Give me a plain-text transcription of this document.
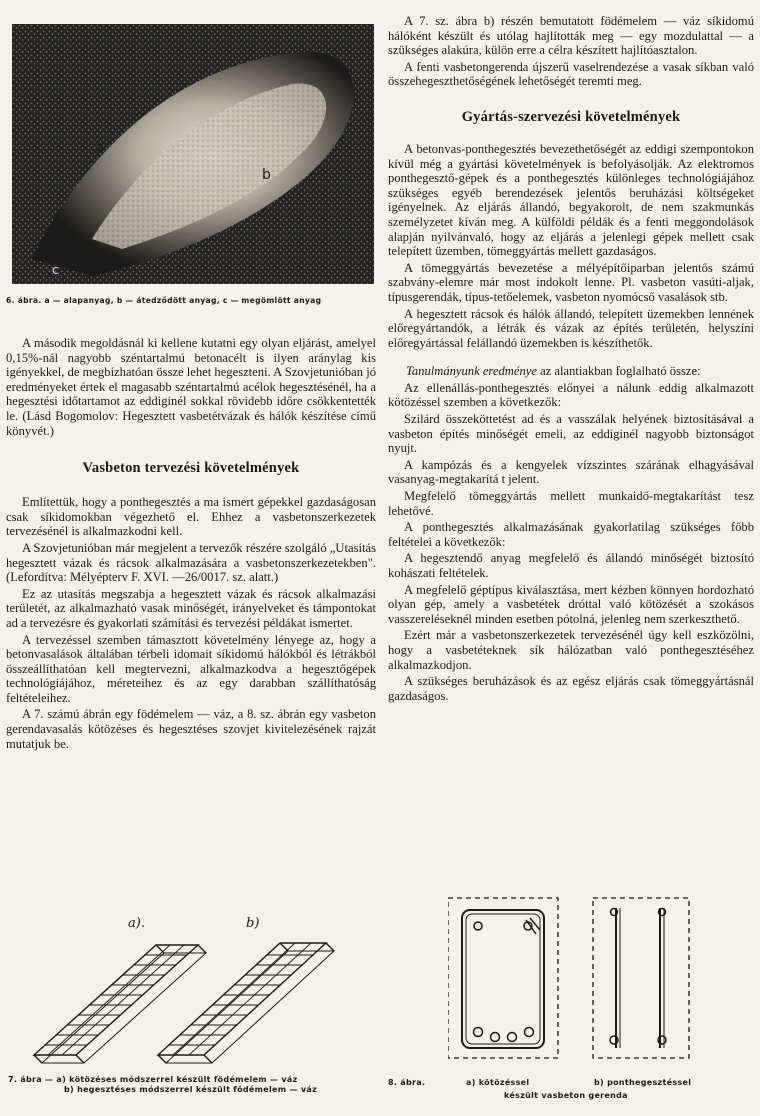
a
b
c
6. ábra. a — alapanyag, b — átedződött anyag, c — megömlött anyag

A második megoldásnál ki kellene kutatni egy olyan eljárást, amelyel 0,15%-nál nagyobb széntartalmú betonacélt is ilyen aránylag kis igényekkel, de megbízhatóan össze lehet hegeszteni. A Szovjetunióban jó eredményeket értek el magasabb széntartalmú acélok hegesztésénél, ha a hegesztési időtartamot az eddiginél sokkal rövidebb időre csökkentették le. (Lásd Bogomolov: Hegesztett vasbetétvázak és hálók készítése című könyvét.)

Vasbeton tervezési követelmények

Említettük, hogy a ponthegesztés a ma ismert gépekkel gazdaságosan csak síkidomokban végezhető el. Ehhez a vasbetonszerkezetek tervezésénél is alkalmazkodni kell.

A Szovjetunióban már megjelent a tervezők részére szolgáló „Utasítás hegesztett vázak és rácsok alkalmazására a vasbetonszerkezetekben". (Lefordítva: Mélyépterv F. XVI. —26/0017. sz. alatt.)

Ez az utasítás megszabja a hegesztett vázak és rácsok alkalmazási területét, az alkalmazható vasak minőségét, irányelveket és támpontokat ad a tervezésre és gyakorlati számítási és tervezési példákat ismertet.

A tervezéssel szemben támasztott követelmény lényege az, hogy a betonvasalások általában térbeli idomait síkidomú hálókból és létrákból összeállíthatóan kell megtervezni, alkalmazkodva a hegesztőgépek technológiájához, méreteihez és az egy darabban szállíthatóság feltételeihez.

A 7. számú ábrán egy födémelem — váz, a 8. sz. ábrán egy vasbeton gerendavasalás kötözéses és hegesztéses szovjet kivitelezésének rajzát mutatjuk be.

A 7. sz. ábra b) részén bemutatott födémelem — váz síkidomú hálóként készült és utólag hajlították meg — egy mozdulattal — a szükséges alakúra, külön erre a célra készített hajlítóasztalon.

A fenti vasbetongerenda újszerű vaselrendezése a vasak síkban való összehegeszthetőségének lehetőségét teremti meg.

Gyártás-szervezési követelmények

A betonvas-ponthegesztés bevezethetőségét az eddigi szempontokon kívül még a gyártási követelmények is befolyásolják. Az elektromos ponthegesztő-gépek és a ponthegesztés különleges technológiájához szükséges egyéb berendezések jelentős beruházási költségeket igényelnek. Az eljárás állandó, begyakorolt, de nem szakmunkás személyzetet kíván meg. A külföldi példák és a fenti meggondolások alapján nyilvánvaló, hogy az eljárás a jelenlegi gépek mellett csak telepített üzemben, tömeggyártás mellett gazdaságos.

A tömeggyártás bevezetése a mélyépítőiparban jelentős számú szabvány-elemre már most indokolt lenne. Pl. vasbeton vasúti-aljak, típusgerendák, típus-tetőelemek, vasbeton nyomócső vasalások stb.

A hegesztett rácsok és hálók állandó, telepített üzemekben lennének előregyártandók, a létrák és vázak az építés területén, helyszíni előregyártással felállandó üzemekben is készíthetők.

Tanulmányunk eredménye az alantiakban foglalható össze:

Az ellenállás-ponthegesztés előnyei a nálunk eddig alkalmazott kötözéssel szemben a következők:

Szilárd összeköttetést ad és a vasszálak helyének biztosításával a vasbeton építés minőségét emeli, az eddiginél nagyobb biztonságot nyujt.

A kampózás és a kengyelek vízszintes szárának elhagyásával vasanyag-megtakarítá t jelent.

Megfelelő tömeggyártás mellett munkaidő-megtakarítást tesz lehetővé.

A ponthegesztés alkalmazásának gyakorlatilag szükséges főbb feltételei a következők:

A hegesztendő anyag megfelelő és állandó minőségét biztosító kohászati feltételek.

A megfelelő géptípus kiválasztása, mert kézben könnyen hordozható olyan gép, amely a vasbetétek dróttal való kötözését a szokásos vasszereléseknél minden esetben pótolná, jelenleg nem szerkeszthető.

Ezért már a vasbetonszerkezetek tervezésénél úgy kell eszközölni, hogy a vasbetéteknek sík hálózatban való ponthegesztéséhez alkalmazkodjon.

A szükséges beruházások és az egész eljárás csak tömeggyártásnál gazdaságos.

a).	b)
7. ábra — a) kötözéses módszerrel készült födémelem — váz
b) hegesztéses módszerrel készült födémelem — váz
8. ábra.	a) kötözéssel	b) ponthegesztéssel
készült vasbeton gerenda
